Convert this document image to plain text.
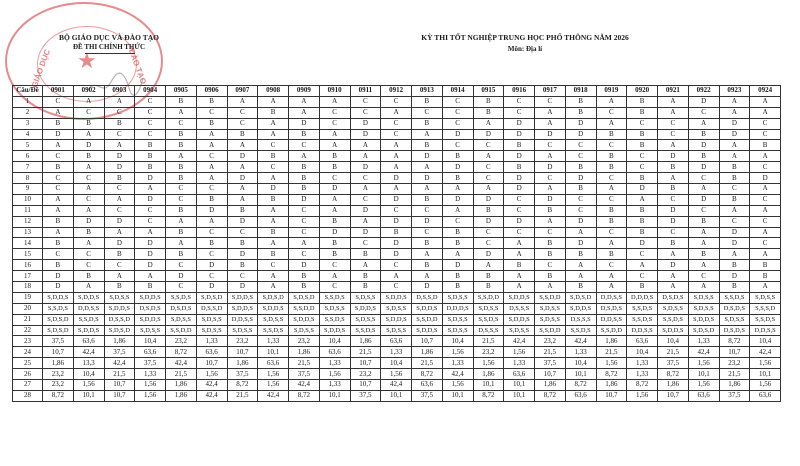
★
GIÁO DỤC	ĐÀO TẠO
BỘ GIÁO DỤC VÀ ĐÀO TẠO
ĐỀ THI CHÍNH THỨC
KỲ THI TỐT NGHIỆP TRUNG HỌC PHỔ THÔNG NĂM 2026
Môn: Địa lí
Câu/Đề	0901	0902	0903	0904	0905	0906	0907	0908	0909	0910	0911	0912	0913	0914	0915	0916	0917	0918	0919	0920	0921	0922	0923	0924
1	C	A	A	C	B	B	A	A	A	A	C	C	B	C	B	C	C	B	A	B	A	D	A	A
2	A	C	C	C	A	C	C	B	A	C	C	A	C	C	B	C	A	B	C	B	A	C	A	A
3	B	B	B	C	C	B	C	A	D	C	D	C	B	C	A	D	A	D	A	C	C	A	D	C
4	D	A	C	C	B	A	B	A	B	A	D	C	A	D	D	D	D	D	B	B	C	B	D	C
5	A	D	A	B	B	A	A	C	C	A	A	A	B	C	C	B	C	C	C	B	A	D	A	B
6	C	B	D	B	A	C	D	B	A	B	A	A	D	B	A	D	A	C	B	C	D	B	A	A
7	B	A	D	B	B	A	A	C	B	B	D	A	A	D	C	B	D	B	B	C	B	D	B	C
8	C	C	B	D	B	A	D	A	B	C	C	D	D	B	C	D	C	D	C	B	A	C	B	D
9	C	A	C	A	C	C	A	D	B	D	A	A	A	A	A	D	A	B	A	D	B	A	C	A
10	A	C	A	D	C	B	A	B	D	A	C	D	B	D	D	C	D	C	C	A	C	D	B	C
11	A	A	C	C	B	D	B	A	C	A	D	C	C	A	B	C	B	C	B	B	D	C	A	A
12	B	D	D	C	A	A	D	A	C	B	A	D	D	C	D	D	A	D	B	B	D	B	C	C
13	A	B	A	A	B	C	C	B	C	D	D	B	C	B	C	C	C	A	C	B	C	A	D	A
14	B	A	D	D	A	B	B	A	A	B	C	D	B	B	C	A	B	D	A	D	B	A	D	C
15	C	C	B	D	B	C	D	B	C	B	B	D	A	A	D	A	B	B	B	C	A	B	A	A
16	B	C	C	D	C	D	B	C	D	C	A	C	B	D	A	B	C	A	C	A	D	A	B	B
17	D	B	A	A	D	C	C	A	B	A	B	A	A	B	B	A	B	A	A	C	A	C	D	B
18	D	A	B	B	C	D	D	A	B	C	B	C	D	B	B	A	A	B	A	B	A	A	B	A
19	S,D,D,S	S,D,D,S	S,D,S,S	S,D,D,S	S,S,D,S	S,D,S,D	S,D,D,S	S,D,S,D	S,D,S,D	S,S,D,S	S,D,S,S	S,D,D,S	D,S,S,D	S,D,S,S	S,S,D,D	S,D,D,S	S,S,D,D	S,D,S,D	D,D,S,S	D,D,D,S	D,S,D,S	S,D,S,S	S,S,D,S	S,D,S,S
20	S,S,D,S	D,D,S,S	S,D,D,S	D,S,D,S	D,S,D,S	D,S,S,D	S,D,D,S	S,D,D,S	S,S,D,D	S,D,S,S	S,D,D,S	S,D,S,S	S,D,D,S	D,D,D,S	S,D,S,S	D,S,S,S	S,D,S,S	S,D,D,S	D,S,D,S	S,S,D,S	S,D,S,S	S,D,S,S	D,S,D,S	S,S,S,D
21	S,D,S,D	S,S,D,S	D,S,S,D	S,D,D,S	S,D,S,S	S,D,S,S	D,D,S,S	S,D,S,S	S,D,D,S	S,S,D,S	S,D,S,S	S,D,D,S	S,S,D,D	S,D,S,S	S,S,D,S	S,D,D,S	S,D,S,S	D,S,S,S	D,D,S,S	S,S,D,S	S,S,D,S	S,D,D,S	S,D,S,S	S,S,D,S
22	S,D,S,D	S,D,D,S	S,D,S,D	S,D,S,S	S,S,D,D	S,D,S,S	S,D,S,S	S,S,D,S	S,D,S,S	S,D,D,S	S,S,D,S	S,D,S,S	S,D,D,S	S,D,S,S	D,S,S,S	S,D,S,S	S,S,D,D	S,S,D,S	S,S,D,D	D,D,S,S	S,D,D,S	S,D,S,D	D,S,D,S	D,D,S,S
23	37,5	63,6	1,86	10,4	23,2	1,33	23,2	1,33	23,2	10,4	1,86	63,6	10,7	10,4	21,5	42,4	23,2	42,4	1,86	63,6	10,4	1,33	8,72	10,4
24	10,7	42,4	37,5	63,6	8,72	63,6	10,7	10,1	1,86	63,6	21,5	1,33	1,86	1,56	23,2	1,56	21,5	1,33	21,5	10,4	21,5	42,4	10,7	42,4
25	1,86	13,3	42,4	37,5	42,4	10,7	1,86	63,6	21,5	1,33	10,7	10,4	21,5	1,33	1,56	1,33	37,5	10,4	1,56	1,33	37,5	1,56	23,2	1,56
26	23,2	10,4	21,5	1,33	21,5	1,56	37,5	1,56	37,5	1,56	23,2	1,56	8,72	42,4	1,86	63,6	10,7	10,1	8,72	1,33	8,72	10,1	21,5	10,1
27	23,2	1,56	10,7	1,56	1,86	42,4	8,72	1,56	42,4	1,33	10,7	42,4	63,6	1,56	10,1	10,1	1,86	8,72	1,86	8,72	1,86	1,56	1,86	1,56
28	8,72	10,1	10,7	1,56	1,86	42,4	21,5	42,4	8,72	10,1	37,5	10,1	37,5	10,1	8,72	10,1	8,72	63,6	10,7	1,56	10,7	63,6	37,5	63,6
